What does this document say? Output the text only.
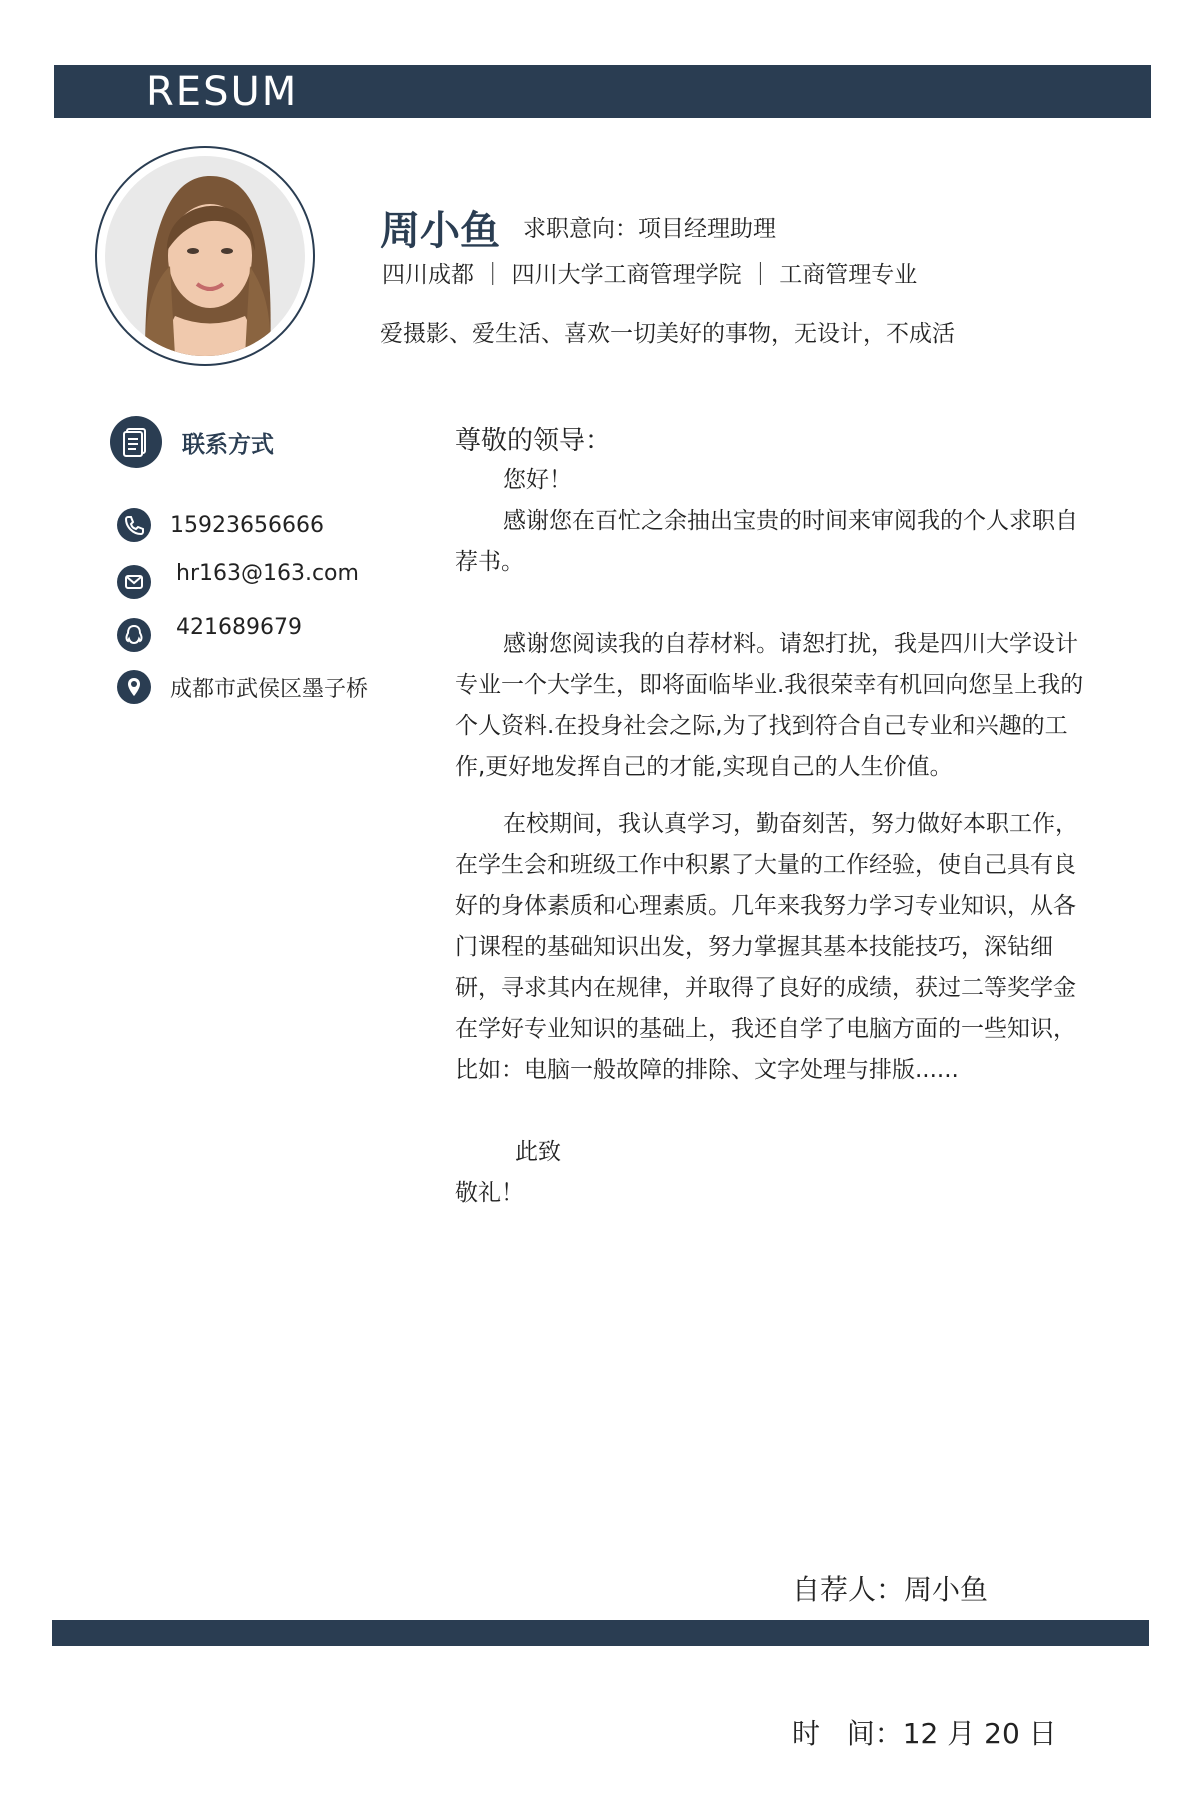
RESUM
周小鱼 求职意向：项目经理助理
四川成都 ｜ 四川大学工商管理学院 ｜ 工商管理专业
爱摄影、爱生活、喜欢一切美好的事物，无设计，不成活
联系方式
15923656666
hr163@163.com
421689679
成都市武侯区墨子桥

尊敬的领导：

您好！

感谢您在百忙之余抽出宝贵的时间来审阅我的个人求职自荐书。

感谢您阅读我的自荐材料。请恕打扰，我是四川大学设计专业一个大学生，即将面临毕业.我很荣幸有机回向您呈上我的个人资料.在投身社会之际,为了找到符合自己专业和兴趣的工作,更好地发挥自己的才能,实现自己的人生价值。

在校期间，我认真学习，勤奋刻苦，努力做好本职工作，在学生会和班级工作中积累了大量的工作经验，使自己具有良好的身体素质和心理素质。几年来我努力学习专业知识，从各门课程的基础知识出发，努力掌握其基本技能技巧，深钻细研，寻求其内在规律，并取得了良好的成绩，获过二等奖学金在学好专业知识的基础上，我还自学了电脑方面的一些知识，比如：电脑一般故障的排除、文字处理与排版......

此致

敬礼！

自荐人：周小鱼

时   间：12 月 20 日
